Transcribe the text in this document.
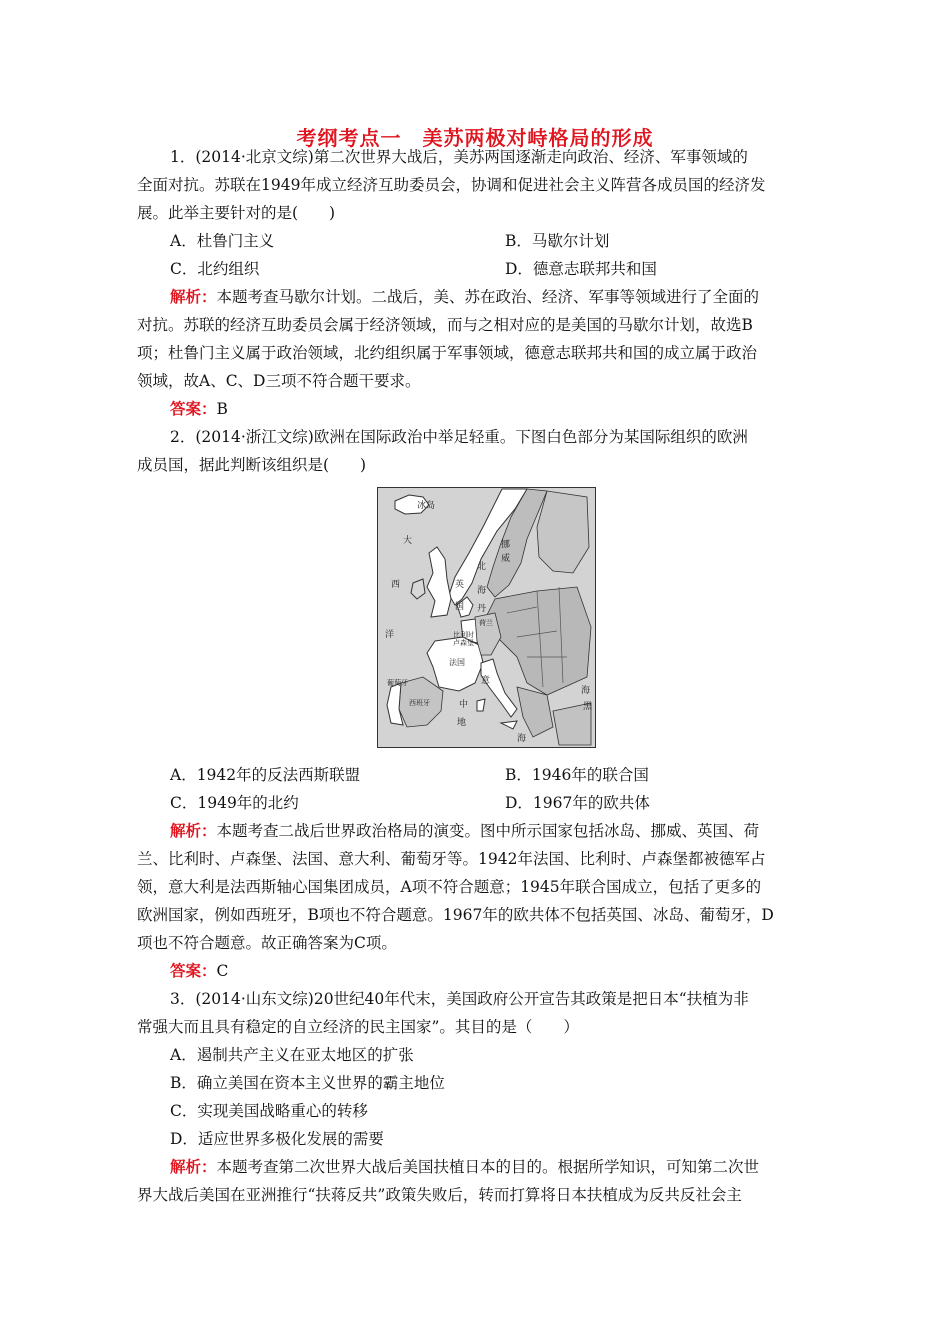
考纲考点一　美苏两极对峙格局的形成
1．(2014·北京文综)第二次世界大战后，美苏两国逐渐走向政治、经济、军事领域的
全面对抗。苏联在1949年成立经济互助委员会，协调和促进社会主义阵营各成员国的经济发
展。此举主要针对的是(　　)
A．杜鲁门主义	B．马歇尔计划
C．北约组织	D．德意志联邦共和国
解析：本题考查马歇尔计划。二战后，美、苏在政治、经济、军事等领域进行了全面的
对抗。苏联的经济互助委员会属于经济领域，而与之相对应的是美国的马歇尔计划，故选B
项；杜鲁门主义属于政治领域，北约组织属于军事领域，德意志联邦共和国的成立属于政治
领域，故A、C、D三项不符合题干要求。
答案：B
2．(2014·浙江文综)欧洲在国际政治中举足轻重。下图白色部分为某国际组织的欧洲
成员国，据此判断该组织是(　　)
冰岛
大
西
洋
挪
威
北
海
英
国 丹
荷兰
比利时
卢森堡
法国
葡萄牙
西班牙
意
中
地
海
海
黑
A．1942年的反法西斯联盟	B．1946年的联合国
C．1949年的北约	D．1967年的欧共体
解析：本题考查二战后世界政治格局的演变。图中所示国家包括冰岛、挪威、英国、荷
兰、比利时、卢森堡、法国、意大利、葡萄牙等。1942年法国、比利时、卢森堡都被德军占
领，意大利是法西斯轴心国集团成员，A项不符合题意；1945年联合国成立，包括了更多的
欧洲国家，例如西班牙，B项也不符合题意。1967年的欧共体不包括英国、冰岛、葡萄牙，D
项也不符合题意。故正确答案为C项。
答案：C
3．(2014·山东文综)20世纪40年代末，美国政府公开宣告其政策是把日本“扶植为非
常强大而且具有稳定的自立经济的民主国家”。其目的是（　　）
A．遏制共产主义在亚太地区的扩张
B．确立美国在资本主义世界的霸主地位
C．实现美国战略重心的转移
D．适应世界多极化发展的需要
解析：本题考查第二次世界大战后美国扶植日本的目的。根据所学知识，可知第二次世
界大战后美国在亚洲推行“扶蒋反共”政策失败后，转而打算将日本扶植成为反共反社会主
